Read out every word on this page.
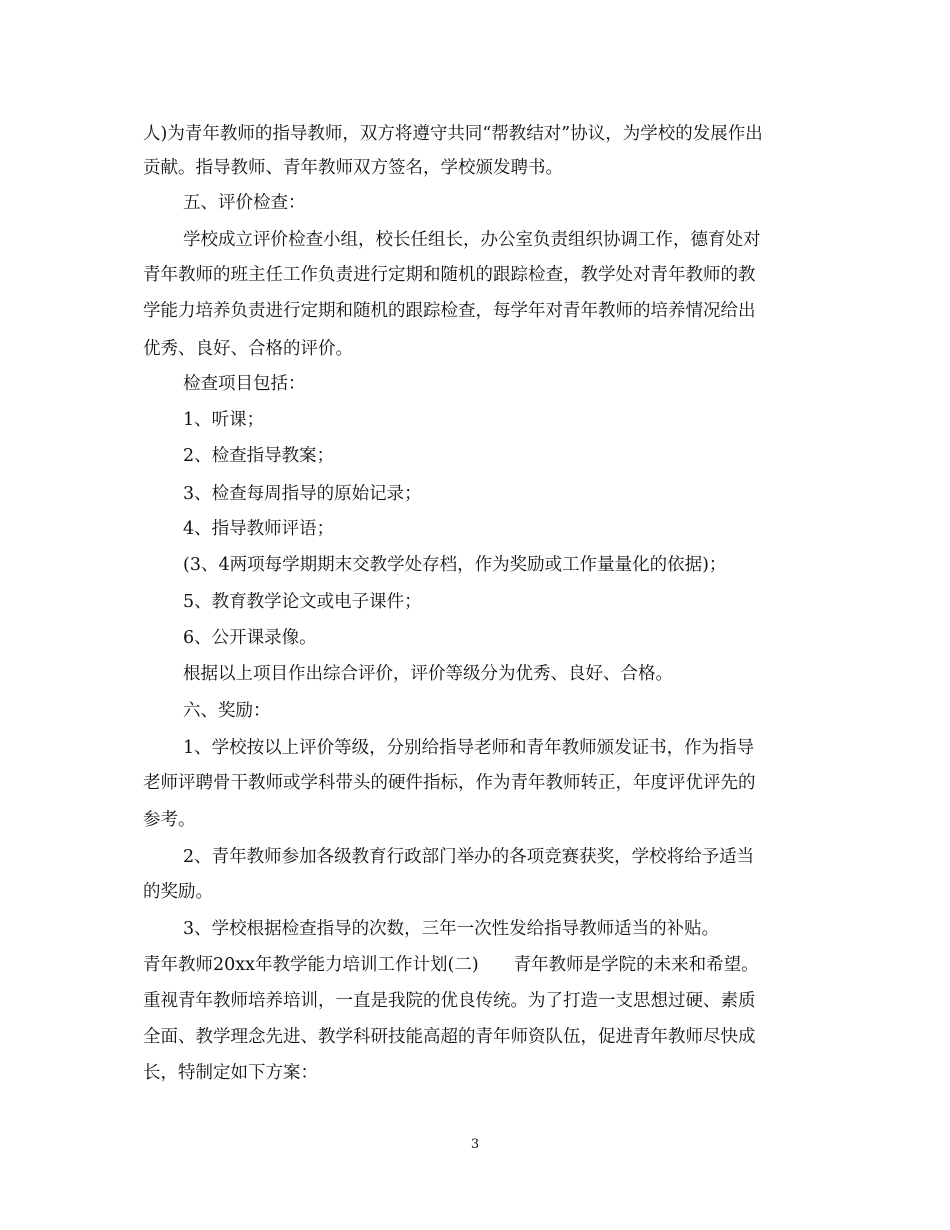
人)为青年教师的指导教师，双方将遵守共同“帮教结对”协议，为学校的发展作出
贡献。指导教师、青年教师双方签名，学校颁发聘书。
五、评价检查：
学校成立评价检查小组，校长任组长，办公室负责组织协调工作，德育处对
青年教师的班主任工作负责进行定期和随机的跟踪检查，教学处对青年教师的教
学能力培养负责进行定期和随机的跟踪检查，每学年对青年教师的培养情况给出
优秀、良好、合格的评价。
检查项目包括：
1、听课；
2、检查指导教案；
3、检查每周指导的原始记录；
4、指导教师评语；
(3、4两项每学期期末交教学处存档，作为奖励或工作量量化的依据)；
5、教育教学论文或电子课件；
6、公开课录像。
根据以上项目作出综合评价，评价等级分为优秀、良好、合格。
六、奖励：
1、学校按以上评价等级，分别给指导老师和青年教师颁发证书，作为指导
老师评聘骨干教师或学科带头的硬件指标，作为青年教师转正，年度评优评先的
参考。
2、青年教师参加各级教育行政部门举办的各项竞赛获奖，学校将给予适当
的奖励。
3、学校根据检查指导的次数，三年一次性发给指导教师适当的补贴。
青年教师20xx年教学能力培训工作计划(二)　　青年教师是学院的未来和希望。
重视青年教师培养培训，一直是我院的优良传统。为了打造一支思想过硬、素质
全面、教学理念先进、教学科研技能高超的青年师资队伍，促进青年教师尽快成
长，特制定如下方案：
3
